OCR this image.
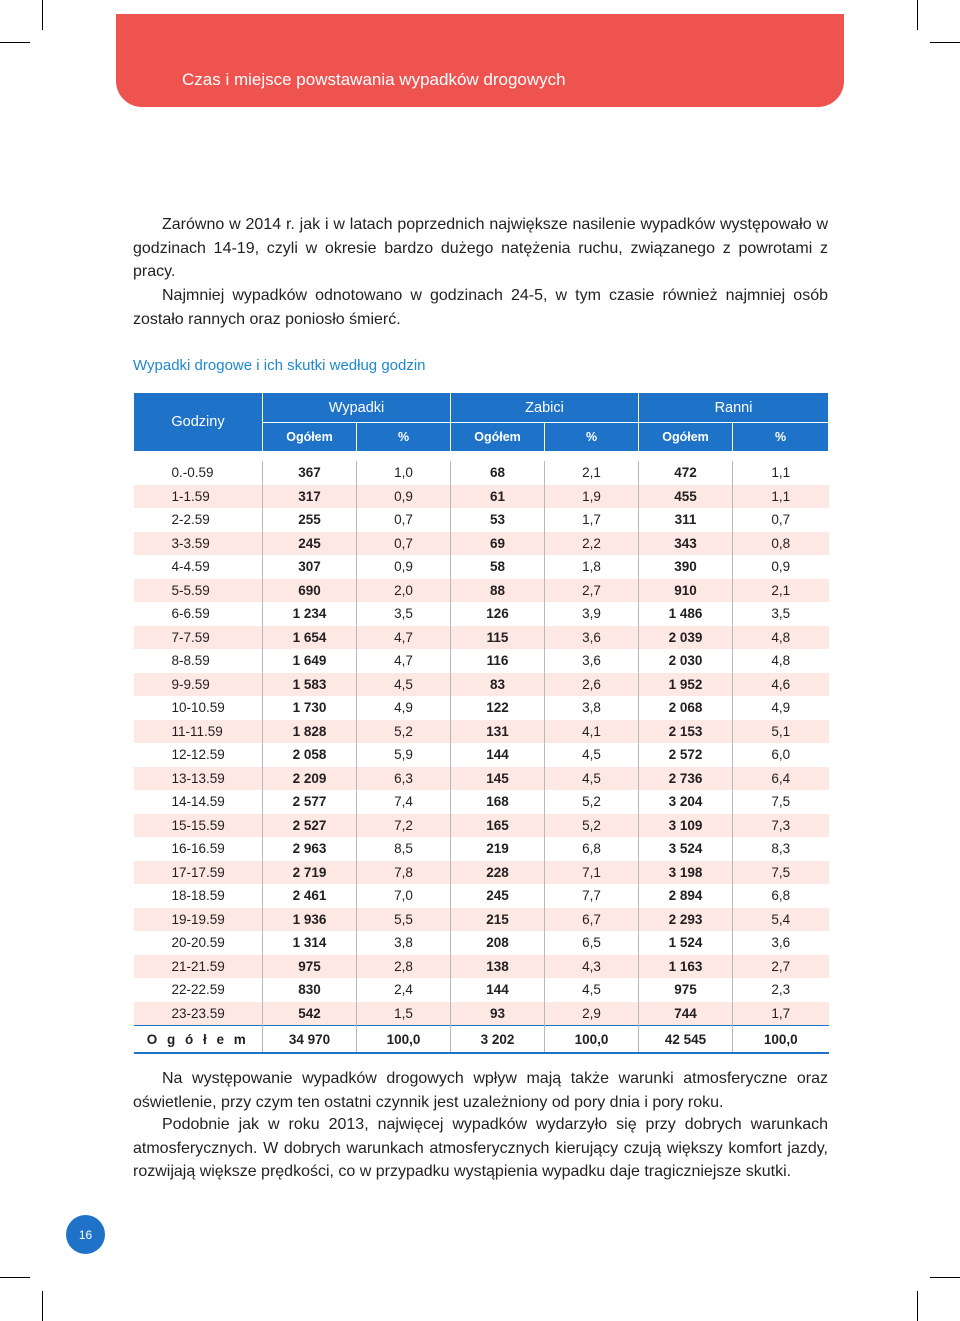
Czas i miejsce powstawania wypadków drogowych

Zarówno w 2014 r. jak i w latach poprzednich największe nasilenie wypadków występowało w godzinach 14-19, czyli w okresie bardzo dużego natężenia ruchu, związanego z powrotami z pracy.

Najmniej wypadków odnotowano w godzinach 24-5, w tym czasie również najmniej osób zostało rannych oraz poniosło śmierć.

Wypadki drogowe i ich skutki według godzin
Godziny	Wypadki		Zabici		Ranni	
	Ogółem	%	Ogółem	%	Ogółem	%

0.-0.59	367	1,0	68	2,1	472	1,1
1-1.59	317	0,9	61	1,9	455	1,1
2-2.59	255	0,7	53	1,7	311	0,7
3-3.59	245	0,7	69	2,2	343	0,8
4-4.59	307	0,9	58	1,8	390	0,9
5-5.59	690	2,0	88	2,7	910	2,1
6-6.59	1 234	3,5	126	3,9	1 486	3,5
7-7.59	1 654	4,7	115	3,6	2 039	4,8
8-8.59	1 649	4,7	116	3,6	2 030	4,8
9-9.59	1 583	4,5	83	2,6	1 952	4,6
10-10.59	1 730	4,9	122	3,8	2 068	4,9
11-11.59	1 828	5,2	131	4,1	2 153	5,1
12-12.59	2 058	5,9	144	4,5	2 572	6,0
13-13.59	2 209	6,3	145	4,5	2 736	6,4
14-14.59	2 577	7,4	168	5,2	3 204	7,5
15-15.59	2 527	7,2	165	5,2	3 109	7,3
16-16.59	2 963	8,5	219	6,8	3 524	8,3
17-17.59	2 719	7,8	228	7,1	3 198	7,5
18-18.59	2 461	7,0	245	7,7	2 894	6,8
19-19.59	1 936	5,5	215	6,7	2 293	5,4
20-20.59	1 314	3,8	208	6,5	1 524	3,6
21-21.59	975	2,8	138	4,3	1 163	2,7
22-22.59	830	2,4	144	4,5	975	2,3
23-23.59	542	1,5	93	2,9	744	1,7
O g ó ł e m	34 970	100,0	3 202	100,0	42 545	100,0

Na występowanie wypadków drogowych wpływ mają także warunki atmosferyczne oraz oświetlenie, przy czym ten ostatni czynnik jest uzależniony od pory dnia i pory roku.

Podobnie jak w roku 2013, najwięcej wypadków wydarzyło się przy dobrych warunkach atmosferycznych. W dobrych warunkach atmosferycznych kierujący czują większy komfort jazdy, rozwijają większe prędkości, co w przypadku wystąpienia wypadku daje tragiczniejsze skutki.

16
